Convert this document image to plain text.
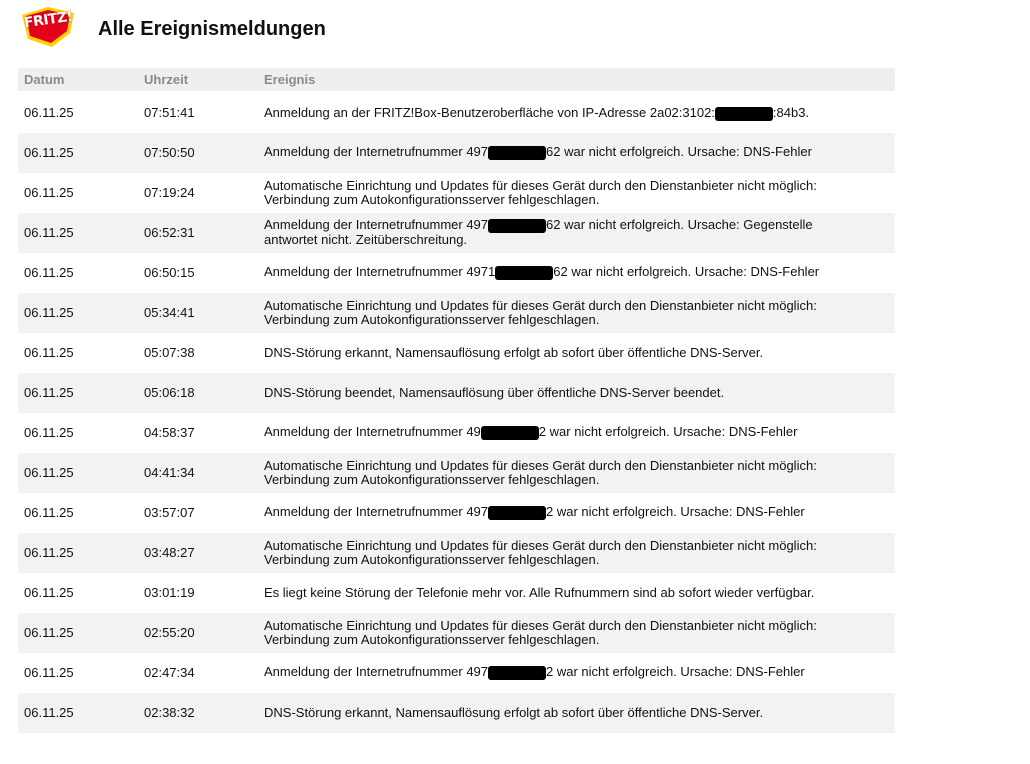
FRITZ! Alle Ereignismeldungen
Datum	Uhrzeit	Ereignis
06.11.25	07:51:41	Anmeldung an der FRITZ!Box-Benutzeroberfläche von IP-Adresse 2a02:3102: :84b3.
06.11.25	07:50:50	Anmeldung der Internetrufnummer 497 62 war nicht erfolgreich. Ursache: DNS-Fehler
06.11.25	07:19:24	Automatische Einrichtung und Updates für dieses Gerät durch den Dienstanbieter nicht möglich: Verbindung zum Autokonfigurationsserver fehlgeschlagen.
06.11.25	06:52:31	Anmeldung der Internetrufnummer 497 62 war nicht erfolgreich. Ursache: Gegenstelle antwortet nicht. Zeitüberschreitung.
06.11.25	06:50:15	Anmeldung der Internetrufnummer 4971 62 war nicht erfolgreich. Ursache: DNS-Fehler
06.11.25	05:34:41	Automatische Einrichtung und Updates für dieses Gerät durch den Dienstanbieter nicht möglich: Verbindung zum Autokonfigurationsserver fehlgeschlagen.
06.11.25	05:07:38	DNS-Störung erkannt, Namensauflösung erfolgt ab sofort über öffentliche DNS-Server.
06.11.25	05:06:18	DNS-Störung beendet, Namensauflösung über öffentliche DNS-Server beendet.
06.11.25	04:58:37	Anmeldung der Internetrufnummer 49 2 war nicht erfolgreich. Ursache: DNS-Fehler
06.11.25	04:41:34	Automatische Einrichtung und Updates für dieses Gerät durch den Dienstanbieter nicht möglich: Verbindung zum Autokonfigurationsserver fehlgeschlagen.
06.11.25	03:57:07	Anmeldung der Internetrufnummer 497 2 war nicht erfolgreich. Ursache: DNS-Fehler
06.11.25	03:48:27	Automatische Einrichtung und Updates für dieses Gerät durch den Dienstanbieter nicht möglich: Verbindung zum Autokonfigurationsserver fehlgeschlagen.
06.11.25	03:01:19	Es liegt keine Störung der Telefonie mehr vor. Alle Rufnummern sind ab sofort wieder verfügbar.
06.11.25	02:55:20	Automatische Einrichtung und Updates für dieses Gerät durch den Dienstanbieter nicht möglich: Verbindung zum Autokonfigurationsserver fehlgeschlagen.
06.11.25	02:47:34	Anmeldung der Internetrufnummer 497 2 war nicht erfolgreich. Ursache: DNS-Fehler
06.11.25	02:38:32	DNS-Störung erkannt, Namensauflösung erfolgt ab sofort über öffentliche DNS-Server.
